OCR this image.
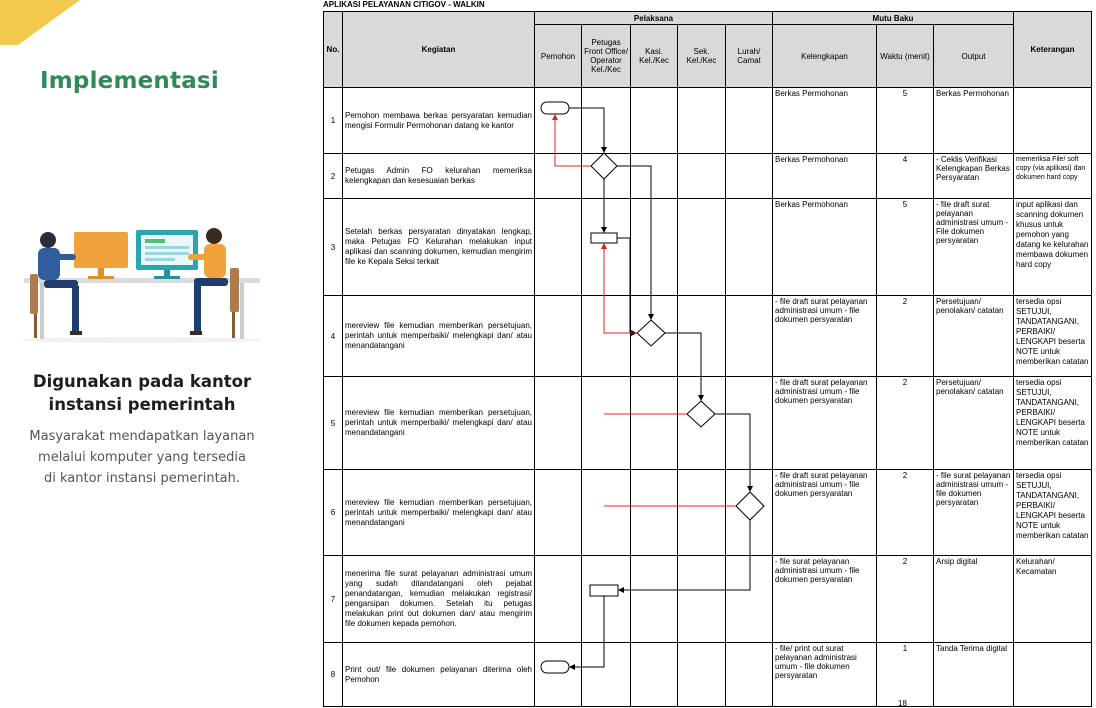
Implementasi
Digunakan pada kantor
instansi pemerintah
Masyarakat mendapatkan layanan
melalui komputer yang tersedia
di kantor instansi pemerintah.
APLIKASI PELAYANAN CITIGOV - WALKIN
No.	Kegiatan	Pelaksana					Mutu Baku			Keterangan
		Pemohon	Petugas Front Office/ Operator Kel./Kec	Kasi. Kel./Kec	Sek. Kel./Kec	Lurah/ Camat	Kelengkapan	Waktu (menit)	Output	
1	Pemohon membawa berkas persyaratan kemudian mengisi Formulir Permohonan datang ke kantor						Berkas Permohonan	5	Berkas Permohonan	
2	Petugas Admin FO kelurahan memeriksa kelengkapan dan kesesuaian berkas						Berkas Permohonan	4	- Ceklis Verifikasi Kelengkapan Berkas Persyaratan	memeriksa File/ soft copy (via aplikasi) dan dokumen hard copy
3	Setelah berkas persyaratan dinyatakan lengkap, maka Petugas FO Kelurahan melakukan input aplikasi dan scanning dokumen, kemudian mengirim file ke Kepala Seksi terkait						Berkas Permohonan	5	- file draft surat pelayanan administrasi umum - File dokumen persyaratan	input aplikasi dan scanning dokumen khusus untuk pemohon yang datang ke kelurahan membawa dokumen hard copy
4	mereview file kemudian memberikan persetujuan, perintah untuk memperbaiki/ melengkapi dan/ atau menandatangani						- file draft surat pelayanan administrasi umum - file dokumen persyaratan	2	Persetujuan/ penolakan/ catatan	tersedia opsi SETUJUI, TANDATANGANI, PERBAIKI/ LENGKAPI beserta NOTE untuk memberikan catatan
5	mereview file kemudian memberikan persetujuan, perintah untuk memperbaiki/ melengkapi dan/ atau menandatangani						- file draft surat pelayanan administrasi umum - file dokumen persyaratan	2	Persetujuan/ penolakan/ catatan	tersedia opsi SETUJUI, TANDATANGANI, PERBAIKI/ LENGKAPI beserta NOTE untuk memberikan catatan
6	mereview file kemudian memberikan persetujuan, perintah untuk memperbaiki/ melengkapi dan/ atau menandatangani						- file draft surat pelayanan administrasi umum - file dokumen persyaratan	2	- file surat pelayanan administrasi umum - file dokumen persyaratan	tersedia opsi SETUJUI, TANDATANGANI, PERBAIKI/ LENGKAPI beserta NOTE untuk memberikan catatan
7	menerima file surat pelayanan administrasi umum yang sudah ditandatangani oleh pejabat penandatangan, kemudian melakukan registrasi/ pengarsipan dokumen. Setelah itu petugas melakukan print out dokumen dan/ atau mengirim file dokumen kepada pemohon.						- file surat pelayanan administrasi umum - file dokumen persyaratan	2	Arsip digital	Kelurahan/ Kecamatan
8	Print out/ file dokumen pelayanan diterima oleh Pemohon						- file/ print out surat pelayanan administrasi umum - file dokumen persyaratan	1	Tanda Terima digital	
18
